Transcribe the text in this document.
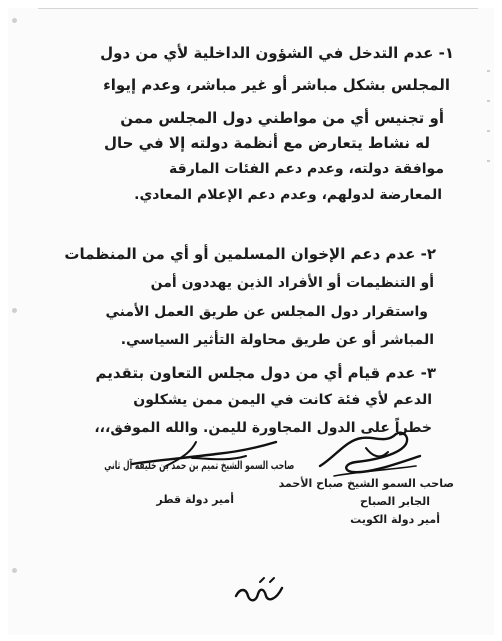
١- عدم التدخل في الشؤون الداخلية لأي من دول
المجلس بشكل مباشر أو غير مباشر، وعدم إيواء
أو تجنيس أي من مواطني دول المجلس ممن
له نشاط يتعارض مع أنظمة دولته إلا في حال
موافقة دولته، وعدم دعم الفئات المارقة
المعارضة لدولهم، وعدم دعم الإعلام المعادي.
٢- عدم دعم الإخوان المسلمين أو أي من المنظمات
أو التنظيمات أو الأفراد الذين يهددون أمن
واستقرار دول المجلس عن طريق العمل الأمني
المباشر أو عن طريق محاولة التأثير السياسي.
٣- عدم قيام أي من دول مجلس التعاون بتقديم
الدعم لأي فئة كانت في اليمن ممن يشكلون
خطراً على الدول المجاورة لليمن. والله الموفق،،،
صاحب السمو الشيخ صباح الأحمد
الجابر الصباح
أمير دولة الكويت
صاحب السمو الشيخ تميم بن حمد بن خليفة آل ثاني
أمير دولة قطر
